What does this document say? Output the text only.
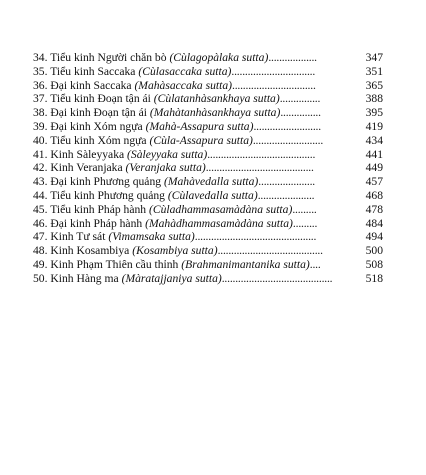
34. Tiểu kinh Người chăn bò (Cùlagopàlaka sutta) ..................	347
35. Tiểu kinh Saccaka (Cùlasaccaka sutta) ...............................	351
36. Đại kinh Saccaka (Mahàsaccaka sutta) ...............................	365
37. Tiểu kinh Đoạn tận ái (Cùlatanhàsankhaya sutta) ...............	388
38. Đại kinh Đoạn tận ái (Mahàtanhàsankhaya sutta) ...............	395
39. Đại kinh Xóm ngựa (Mahà-Assapura sutta) .........................	419
40. Tiểu kinh Xóm ngựa (Cùla-Assapura sutta) ..........................	434
41. Kinh Sàleyyaka (Sàleyyaka sutta) ........................................	441
42. Kinh Veranjaka (Veranjaka sutta) ........................................	449
43. Đại kinh Phương quảng (Mahàvedalla sutta) .....................	457
44. Tiểu kinh Phương quảng (Cùlavedalla sutta) .....................	468
45. Tiểu kinh Pháp hành (Cùladhammasamàdàna sutta) .........	478
46. Đại kinh Pháp hành (Mahàdhammasamàdàna sutta) .........	484
47. Kinh Tư sát (Vimamsaka sutta) .............................................	494
48. Kinh Kosambiya (Kosambiya sutta) .......................................	500
49. Kinh Phạm Thiên cầu thỉnh (Brahmanimantanika sutta) ....	508
50. Kinh Hàng ma (Màratajjaniya sutta) .........................................	518
